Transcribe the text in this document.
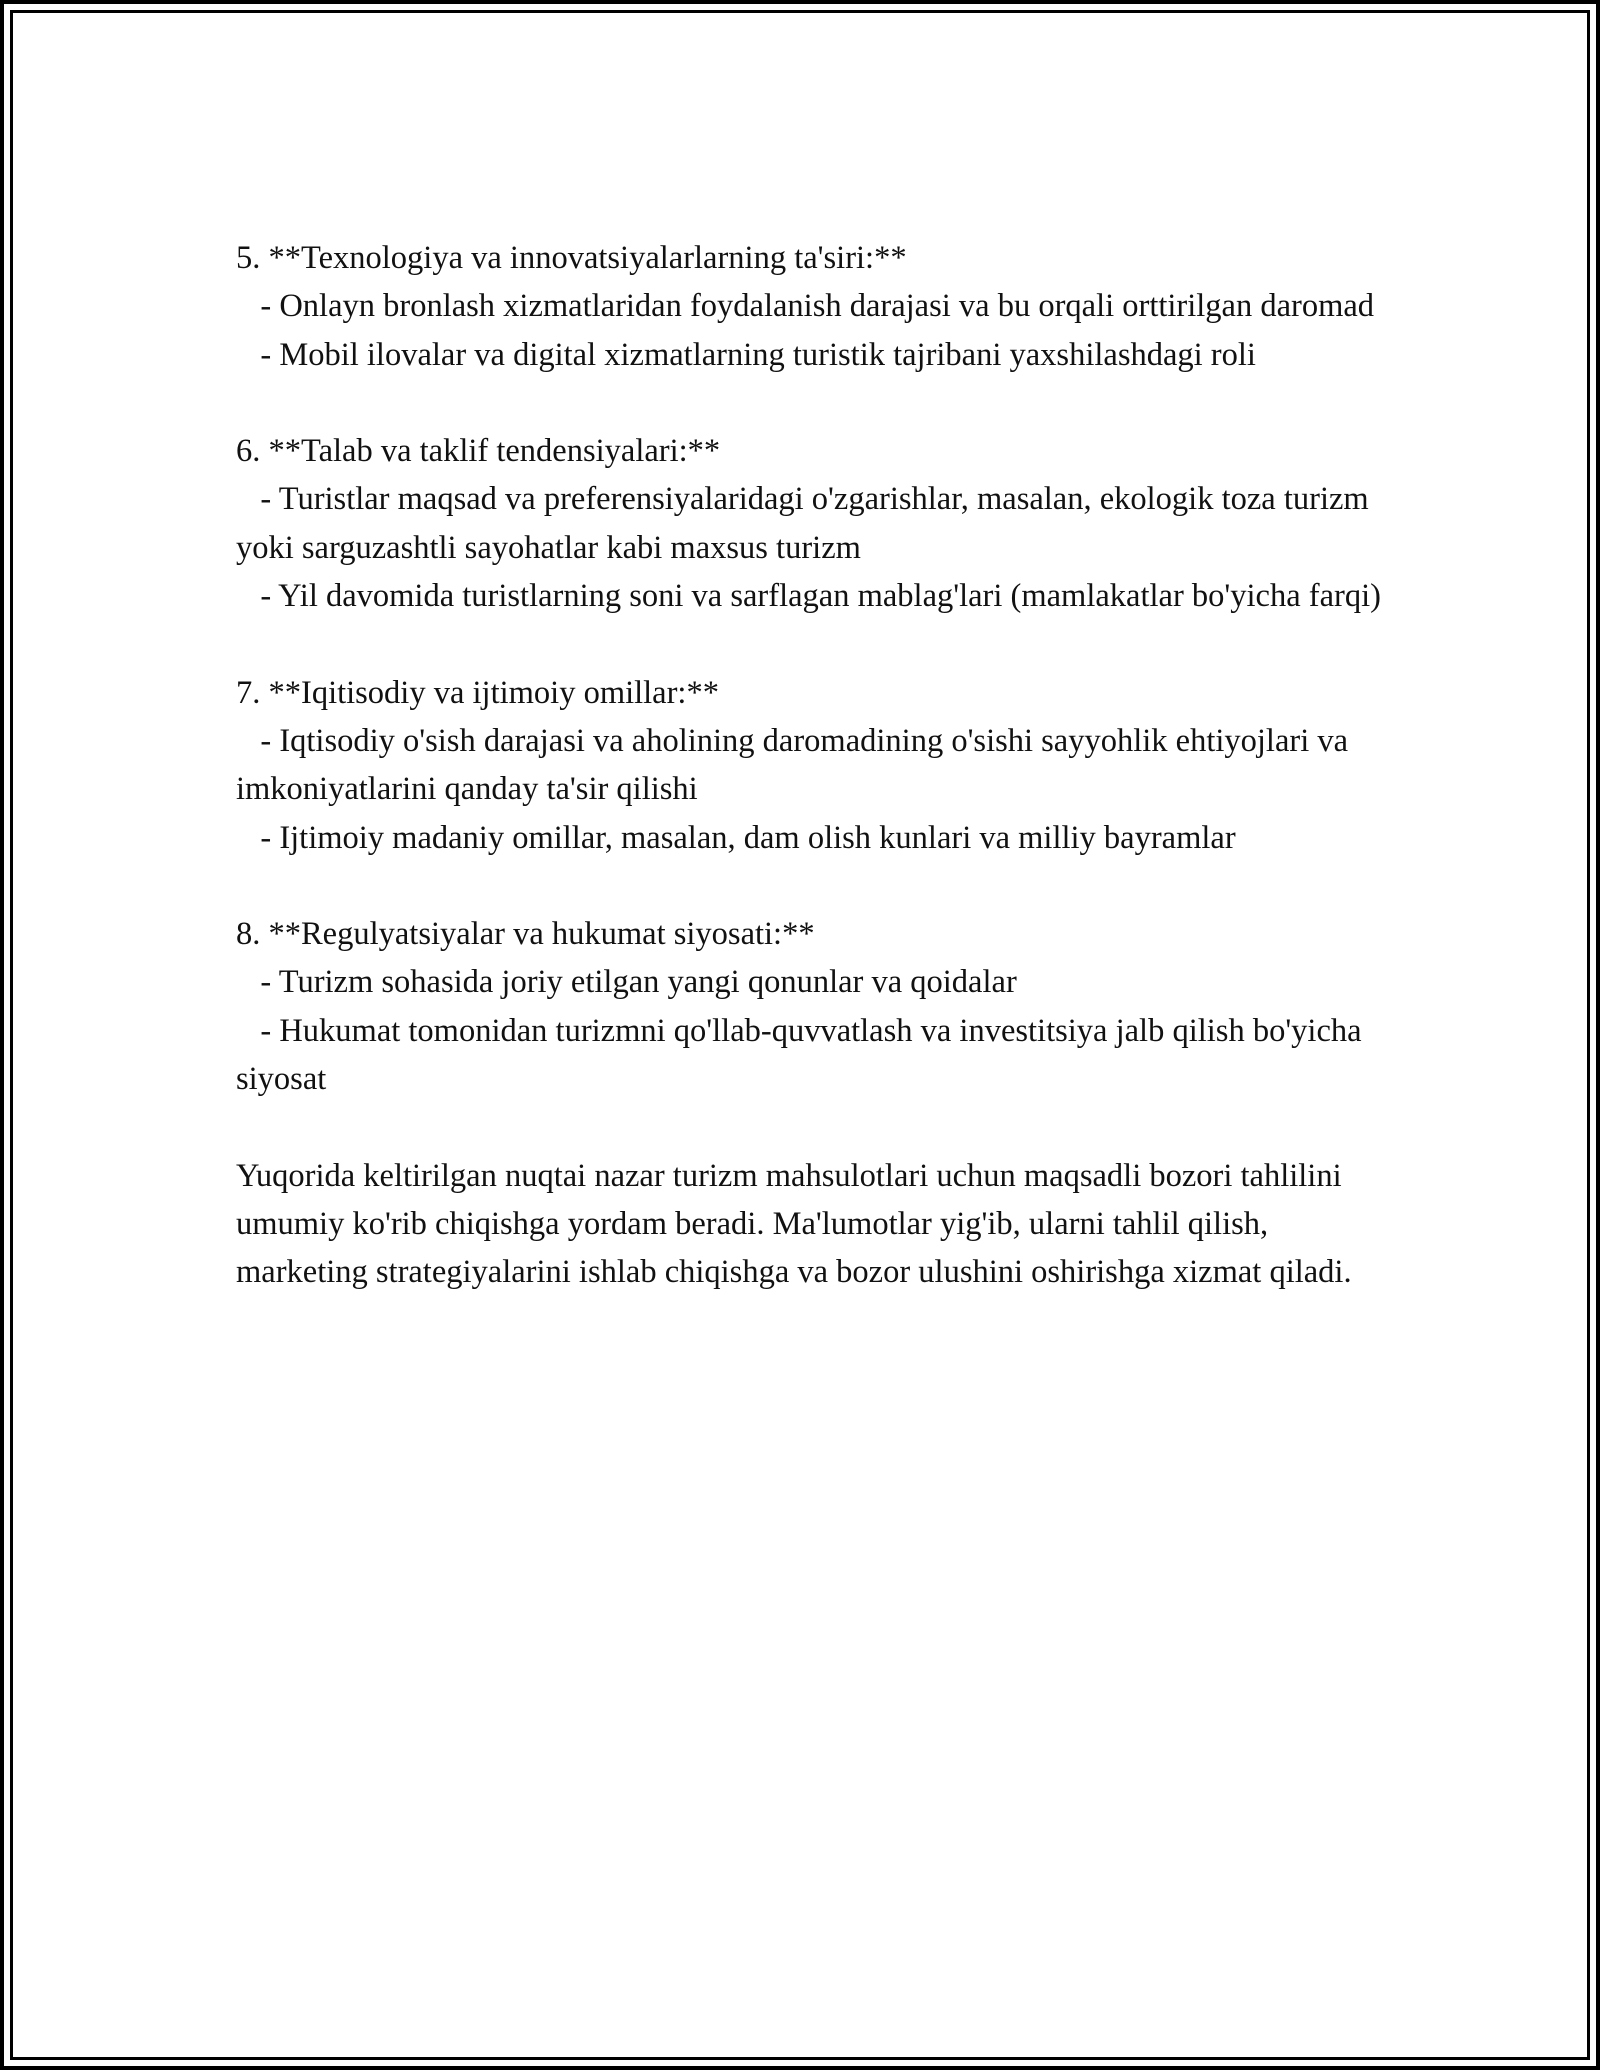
5. **Texnologiya va innovatsiyalarlarning ta'siri:**
- Onlayn bronlash xizmatlaridan foydalanish darajasi va bu orqali orttirilgan daromad
- Mobil ilovalar va digital xizmatlarning turistik tajribani yaxshilashdagi roli
6. **Talab va taklif tendensiyalari:**
- Turistlar maqsad va preferensiyalaridagi o'zgarishlar, masalan, ekologik toza turizm yoki sarguzashtli sayohatlar kabi maxsus turizm
- Yil davomida turistlarning soni va sarflagan mablag'lari (mamlakatlar bo'yicha farqi)
7. **Iqitisodiy va ijtimoiy omillar:**
- Iqtisodiy o'sish darajasi va aholining daromadining o'sishi sayyohlik ehtiyojlari va imkoniyatlarini qanday ta'sir qilishi
- Ijtimoiy madaniy omillar, masalan, dam olish kunlari va milliy bayramlar
8. **Regulyatsiyalar va hukumat siyosati:**
- Turizm sohasida joriy etilgan yangi qonunlar va qoidalar
- Hukumat tomonidan turizmni qo'llab-quvvatlash va investitsiya jalb qilish bo'yicha siyosat
Yuqorida keltirilgan nuqtai nazar turizm mahsulotlari uchun maqsadli bozori tahlilini umumiy ko'rib chiqishga yordam beradi. Ma'lumotlar yig'ib, ularni tahlil qilish, marketing strategiyalarini ishlab chiqishga va bozor ulushini oshirishga xizmat qiladi.
